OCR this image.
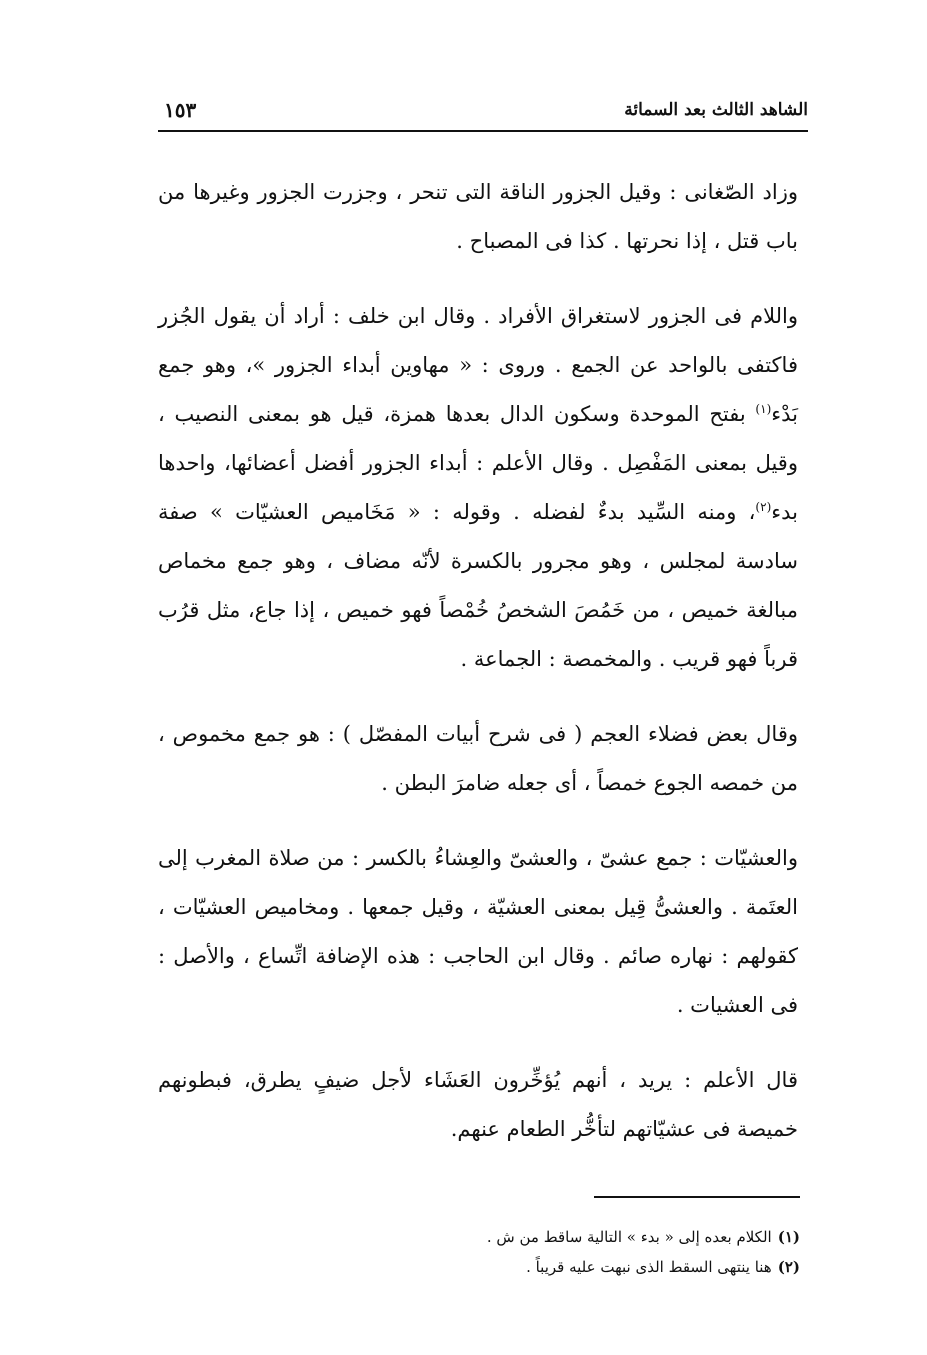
الشاهد الثالث بعد السمائة
١٥٣

وزاد الصّغانى : وقيل الجزور الناقة التى تنحر ، وجزرت الجزور وغيرها من باب قتل ، إذا نحرتها . كذا فى المصباح .

واللام فى الجزور لاستغراق الأفراد . وقال ابن خلف : أراد أن يقول الجُزر فاكتفى بالواحد عن الجمع . وروى : « مهاوين أبداء الجزور »، وهو جمع بَدْء$^{(١)}$ بفتح الموحدة وسكون الدال بعدها همزة، قيل هو بمعنى النصيب ، وقيل بمعنى المَفْصِل . وقال الأعلم : أبداء الجزور أفضل أعضائها، واحدها بدء$^{(٢)}$، ومنه السِّيد بدءٌ لفضله . وقوله : « مَخَاميص العشيّات » صفة سادسة لمجلس ، وهو مجرور بالكسرة لأنّه مضاف ، وهو جمع مخماص مبالغة خميص ، من خَمُصَ الشخصُ خُمْصاً فهو خميص ، إذا جاع، مثل قرُب قرباً فهو قريب . والمخمصة : الجماعة .

وقال بعض فضلاء العجم ( فى شرح أبيات المفصّل ) : هو جمع مخموص ، من خمصه الجوع خمصاً ، أى جعله ضامرَ البطن .

والعشيّات : جمع عشىّ ، والعشىّ والعِشاءُ بالكسر : من صلاة المغرب إلى العتَمة . والعشىُّ قِيل بمعنى العشيّة ، وقيل جمعها . ومخاميص العشيّات ، كقولهم : نهاره صائم . وقال ابن الحاجب : هذه الإضافة اتِّساع ، والأصل : فى العشيات .

قال الأعلم : يريد ، أنهم يُؤخِّرون العَشَاء لأجل ضيفٍ يطرق، فبطونهم خميصة فى عشيّاتهم لتأخُّر الطعام عنهم.

(١)الكلام بعده إلى « بدء » التالية ساقط من ش .

(٢)هنا ينتهى السقط الذى نبهت عليه قريباً .
